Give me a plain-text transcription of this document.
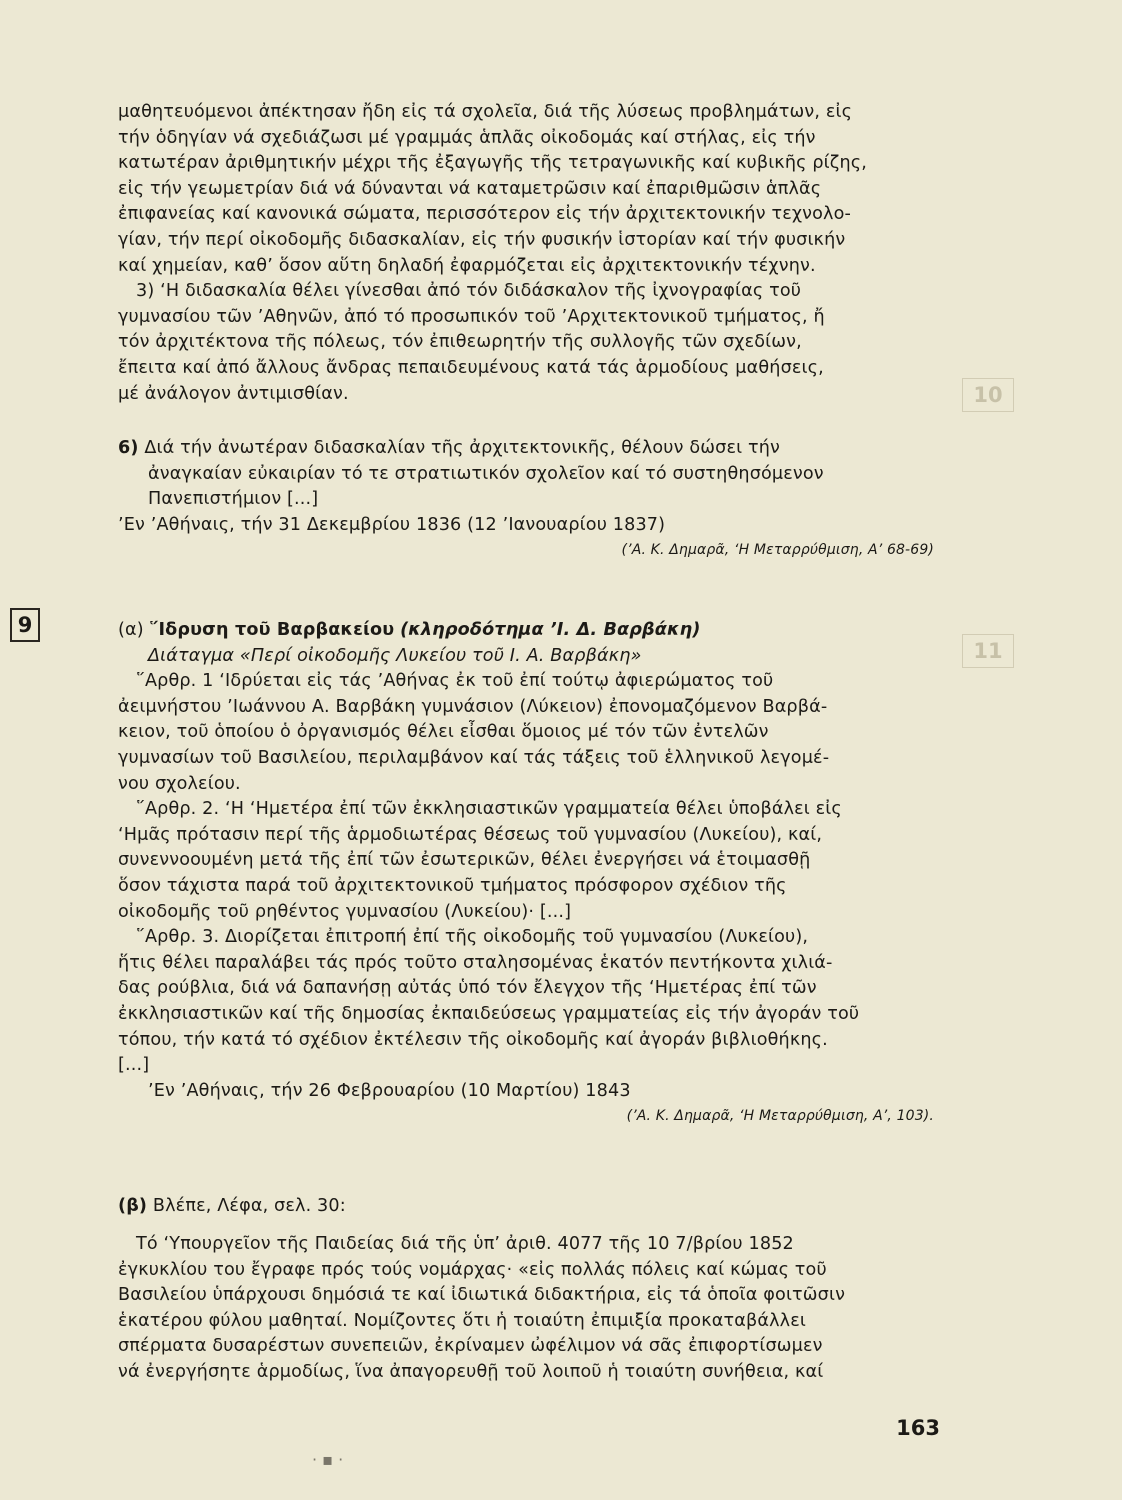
10
11

μαθητευόμενοι ἀπέκτησαν ἤδη εἰς τά σχολεῖα, διά τῆς λύσεως προβλημάτων, εἰς

τήν ὁδηγίαν νά σχεδιάζωσι μέ γραμμάς ἁπλᾶς οἰκοδομάς καί στήλας, εἰς τήν

κατωτέραν ἀριθμητικήν μέχρι τῆς ἐξαγωγῆς τῆς τετραγωνικῆς καί κυβικῆς ρίζης,

εἰς τήν γεωμετρίαν διά νά δύνανται νά καταμετρῶσιν καί ἐπαριθμῶσιν ἁπλᾶς

ἐπιφανείας καί κανονικά σώματα, περισσότερον εἰς τήν ἀρχιτεκτονικήν τεχνολο-

γίαν, τήν περί οἰκοδομῆς διδασκαλίαν, εἰς τήν φυσικήν ἱστορίαν καί τήν φυσικήν

καί χημείαν, καθ’ ὅσον αὕτη δηλαδή ἐφαρμόζεται εἰς ἀρχιτεκτονικήν τέχνην.

3) ‘Η διδασκαλία θέλει γίνεσθαι ἀπό τόν διδάσκαλον τῆς ἰχνογραφίας τοῦ

γυμνασίου τῶν ’Αθηνῶν, ἀπό τό προσωπικόν τοῦ ’Αρχιτεκτονικοῦ τμήματος, ἤ

τόν ἀρχιτέκτονα τῆς πόλεως, τόν ἐπιθεωρητήν τῆς συλλογῆς τῶν σχεδίων,

ἔπειτα καί ἀπό ἄλλους ἄνδρας πεπαιδευμένους κατά τάς ἁρμοδίους μαθήσεις,

μέ ἀνάλογον ἀντιμισθίαν.

6) Διά τήν ἀνωτέραν διδασκαλίαν τῆς ἀρχιτεκτονικῆς, θέλουν δώσει τήν

ἀναγκαίαν εὐκαιρίαν τό τε στρατιωτικόν σχολεῖον καί τό συστηθησόμενον

Πανεπιστήμιον [...]

’Εν ’Αθήναις, τήν 31 Δεκεμβρίου 1836 (12 ’Ιανουαρίου 1837)

(’Α. Κ. Δημαρᾶ, ‘Η Μεταρρύθμιση, Α’ 68-69)

9	(α) ῞Ιδρυση τοῦ Βαρβακείου (κληροδότημα ’Ι. Δ. Βαρβάκη)

Διάταγμα «Περί οἰκοδομῆς Λυκείου τοῦ Ι. Α. Βαρβάκη»

῞Αρθρ. 1 ‘Ιδρύεται εἰς τάς ’Αθήνας ἐκ τοῦ ἐπί τούτῳ ἀφιερώματος τοῦ

ἀειμνήστου ’Ιωάννου Α. Βαρβάκη γυμνάσιον (Λύκειον) ἐπονομαζόμενον Βαρβά-

κειον, τοῦ ὁποίου ὁ ὀργανισμός θέλει εἶσθαι ὅμοιος μέ τόν τῶν ἐντελῶν

γυμνασίων τοῦ Βασιλείου, περιλαμβάνον καί τάς τάξεις τοῦ ἑλληνικοῦ λεγομέ-

νου σχολείου.

῞Αρθρ. 2. ‘Η ‘Ημετέρα ἐπί τῶν ἐκκλησιαστικῶν γραμματεία θέλει ὑποβάλει εἰς

‘Ημᾶς πρότασιν περί τῆς ἁρμοδιωτέρας θέσεως τοῦ γυμνασίου (Λυκείου), καί,

συνεννοουμένη μετά τῆς ἐπί τῶν ἐσωτερικῶν, θέλει ἐνεργήσει νά ἑτοιμασθῇ

ὅσον τάχιστα παρά τοῦ ἀρχιτεκτονικοῦ τμήματος πρόσφορον σχέδιον τῆς

οἰκοδομῆς τοῦ ρηθέντος γυμνασίου (Λυκείου)· [...]

῞Αρθρ. 3. Διορίζεται ἐπιτροπή ἐπί τῆς οἰκοδομῆς τοῦ γυμνασίου (Λυκείου),

ἥτις θέλει παραλάβει τάς πρός τοῦτο σταλησομένας ἑκατόν πεντήκοντα χιλιά-

δας ρούβλια, διά νά δαπανήσῃ αὐτάς ὑπό τόν ἔλεγχον τῆς ‘Ημετέρας ἐπί τῶν

ἐκκλησιαστικῶν καί τῆς δημοσίας ἐκπαιδεύσεως γραμματείας εἰς τήν ἀγοράν τοῦ

τόπου, τήν κατά τό σχέδιον ἐκτέλεσιν τῆς οἰκοδομῆς καί ἀγοράν βιβλιοθήκης.

[...]

’Εν ’Αθήναις, τήν 26 Φεβρουαρίου (10 Μαρτίου) 1843

(’Α. Κ. Δημαρᾶ, ‘Η Μεταρρύθμιση, Α’, 103).

(β) Βλέπε, Λέφα, σελ. 30:

Τό ‘Υπουργεῖον τῆς Παιδείας διά τῆς ὑπ’ ἀριθ. 4077 τῆς 10 7/βρίου 1852

ἐγκυκλίου του ἔγραφε πρός τούς νομάρχας· «εἰς πολλάς πόλεις καί κώμας τοῦ

Βασιλείου ὑπάρχουσι δημόσιά τε καί ἰδιωτικά διδακτήρια, εἰς τά ὁποῖα φοιτῶσιν

ἑκατέρου φύλου μαθηταί. Νομίζοντες ὅτι ἡ τοιαύτη ἐπιμιξία προκαταβάλλει

σπέρματα δυσαρέστων συνεπειῶν, ἐκρίναμεν ὠφέλιμον νά σᾶς ἐπιφορτίσωμεν

νά ἐνεργήσητε ἁρμοδίως, ἵνα ἀπαγορευθῇ τοῦ λοιποῦ ἡ τοιαύτη συνήθεια, καί

163
· ▪ ·
